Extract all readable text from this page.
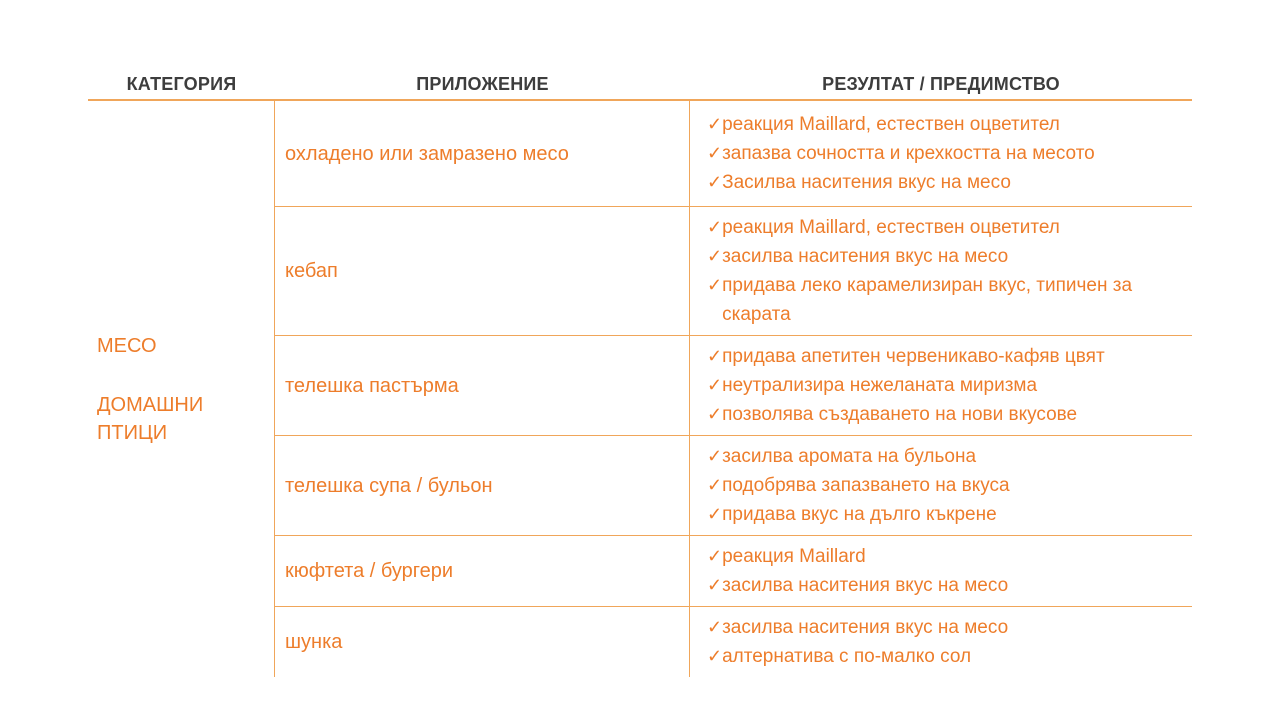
КАТЕГОРИЯ	ПРИЛОЖЕНИЕ	РЕЗУЛТАТ / ПРЕДИМСТВО
МЕСО
ДОМАШНИ ПТИЦИ
охладено или замразено месо
✓ реакция Maillard, естествен оцветител
✓ запазва сочността и крехкостта на месото
✓ Засилва наситения вкус на месо
кебап
✓ реакция Maillard, естествен оцветител
✓ засилва наситения вкус на месо
✓ придава леко карамелизиран вкус, типичен за скарата
телешка пастърма
✓ придава апетитен червеникаво-кафяв цвят
✓ неутрализира нежеланата миризма
✓ позволява създаването на нови вкусове
телешка супа / бульон
✓ засилва аромата на бульона
✓ подобрява запазването на вкуса
✓ придава вкус на дълго къкрене
кюфтета / бургери
✓ реакция Maillard
✓ засилва наситения вкус на месо
шунка
✓ засилва наситения вкус на месо
✓ алтернатива с по-малко сол
